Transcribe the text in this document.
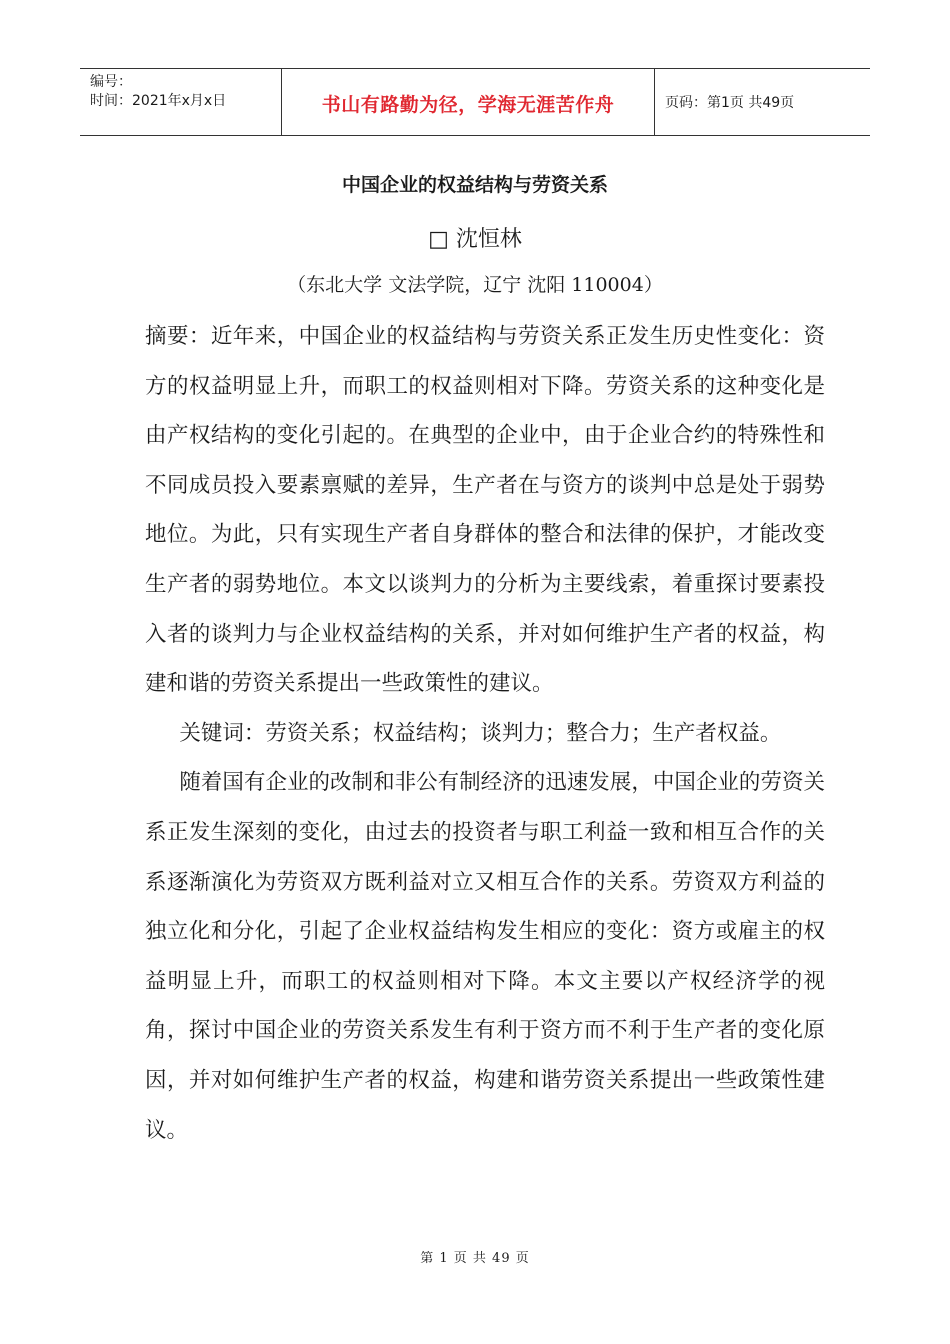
编号：
时间：2021年x月x日	书山有路勤为径，学海无涯苦作舟	页码：第1页 共49页
中国企业的权益结构与劳资关系
□ 沈恒林
（东北大学 文法学院，辽宁 沈阳 110004）

摘要：近年来，中国企业的权益结构与劳资关系正发生历史性变化：资方的权益明显上升，而职工的权益则相对下降。劳资关系的这种变化是由产权结构的变化引起的。在典型的企业中，由于企业合约的特殊性和不同成员投入要素禀赋的差异，生产者在与资方的谈判中总是处于弱势地位。为此，只有实现生产者自身群体的整合和法律的保护，才能改变生产者的弱势地位。本文以谈判力的分析为主要线索，着重探讨要素投入者的谈判力与企业权益结构的关系，并对如何维护生产者的权益，构建和谐的劳资关系提出一些政策性的建议。

关键词：劳资关系；权益结构；谈判力；整合力；生产者权益。

随着国有企业的改制和非公有制经济的迅速发展，中国企业的劳资关系正发生深刻的变化，由过去的投资者与职工利益一致和相互合作的关系逐渐演化为劳资双方既利益对立又相互合作的关系。劳资双方利益的独立化和分化，引起了企业权益结构发生相应的变化：资方或雇主的权益明显上升，而职工的权益则相对下降。本文主要以产权经济学的视角，探讨中国企业的劳资关系发生有利于资方而不利于生产者的变化原因，并对如何维护生产者的权益，构建和谐劳资关系提出一些政策性建议。

第 1 页 共 49 页
